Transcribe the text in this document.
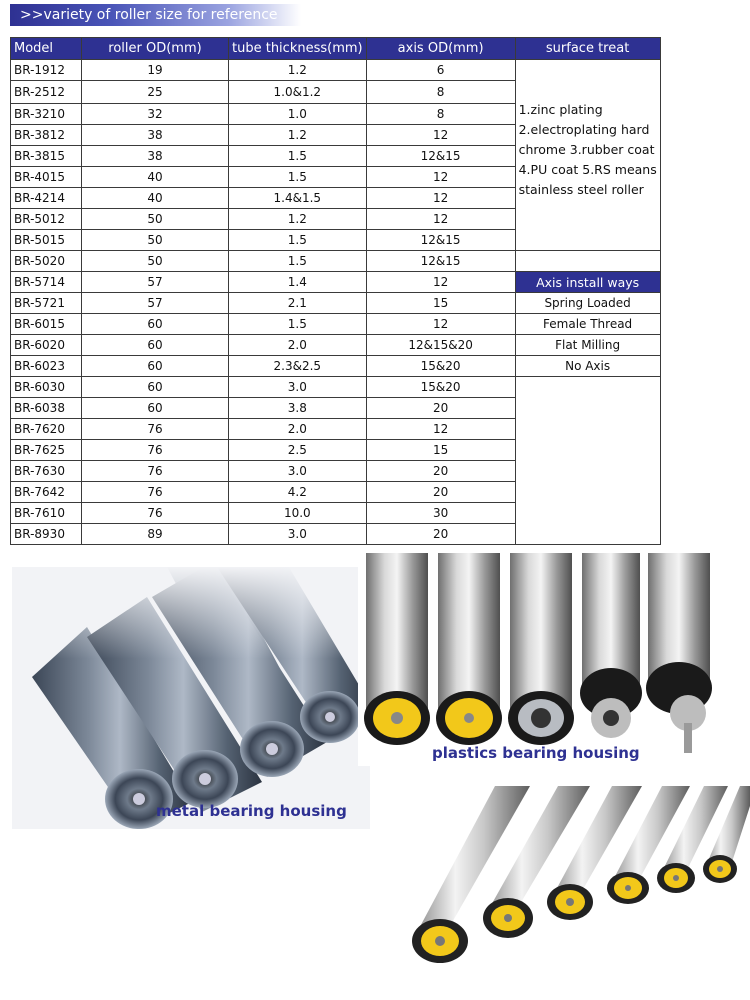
>>variety of roller size for reference
Model	roller OD(mm)	tube thickness(mm)	axis OD(mm)	surface treat
BR-1912	19	1.2	6	1.zinc plating 2.electroplating hard chrome 3.rubber coat 4.PU coat 5.RS means stainless steel roller
BR-2512	25	1.0&1.2	8	
BR-3210	32	1.0	8	
BR-3812	38	1.2	12	
BR-3815	38	1.5	12&15	
BR-4015	40	1.5	12	
BR-4214	40	1.4&1.5	12	
BR-5012	50	1.2	12	
BR-5015	50	1.5	12&15	
BR-5020	50	1.5	12&15	
BR-5714	57	1.4	12	Axis install ways
BR-5721	57	2.1	15	Spring Loaded
BR-6015	60	1.5	12	Female Thread
BR-6020	60	2.0	12&15&20	Flat Milling
BR-6023	60	2.3&2.5	15&20	No Axis
BR-6030	60	3.0	15&20	
BR-6038	60	3.8	20	
BR-7620	76	2.0	12	
BR-7625	76	2.5	15	
BR-7630	76	3.0	20	
BR-7642	76	4.2	20	
BR-7610	76	10.0	30	
BR-8930	89	3.0	20	
metal bearing housing
plastics bearing housing
